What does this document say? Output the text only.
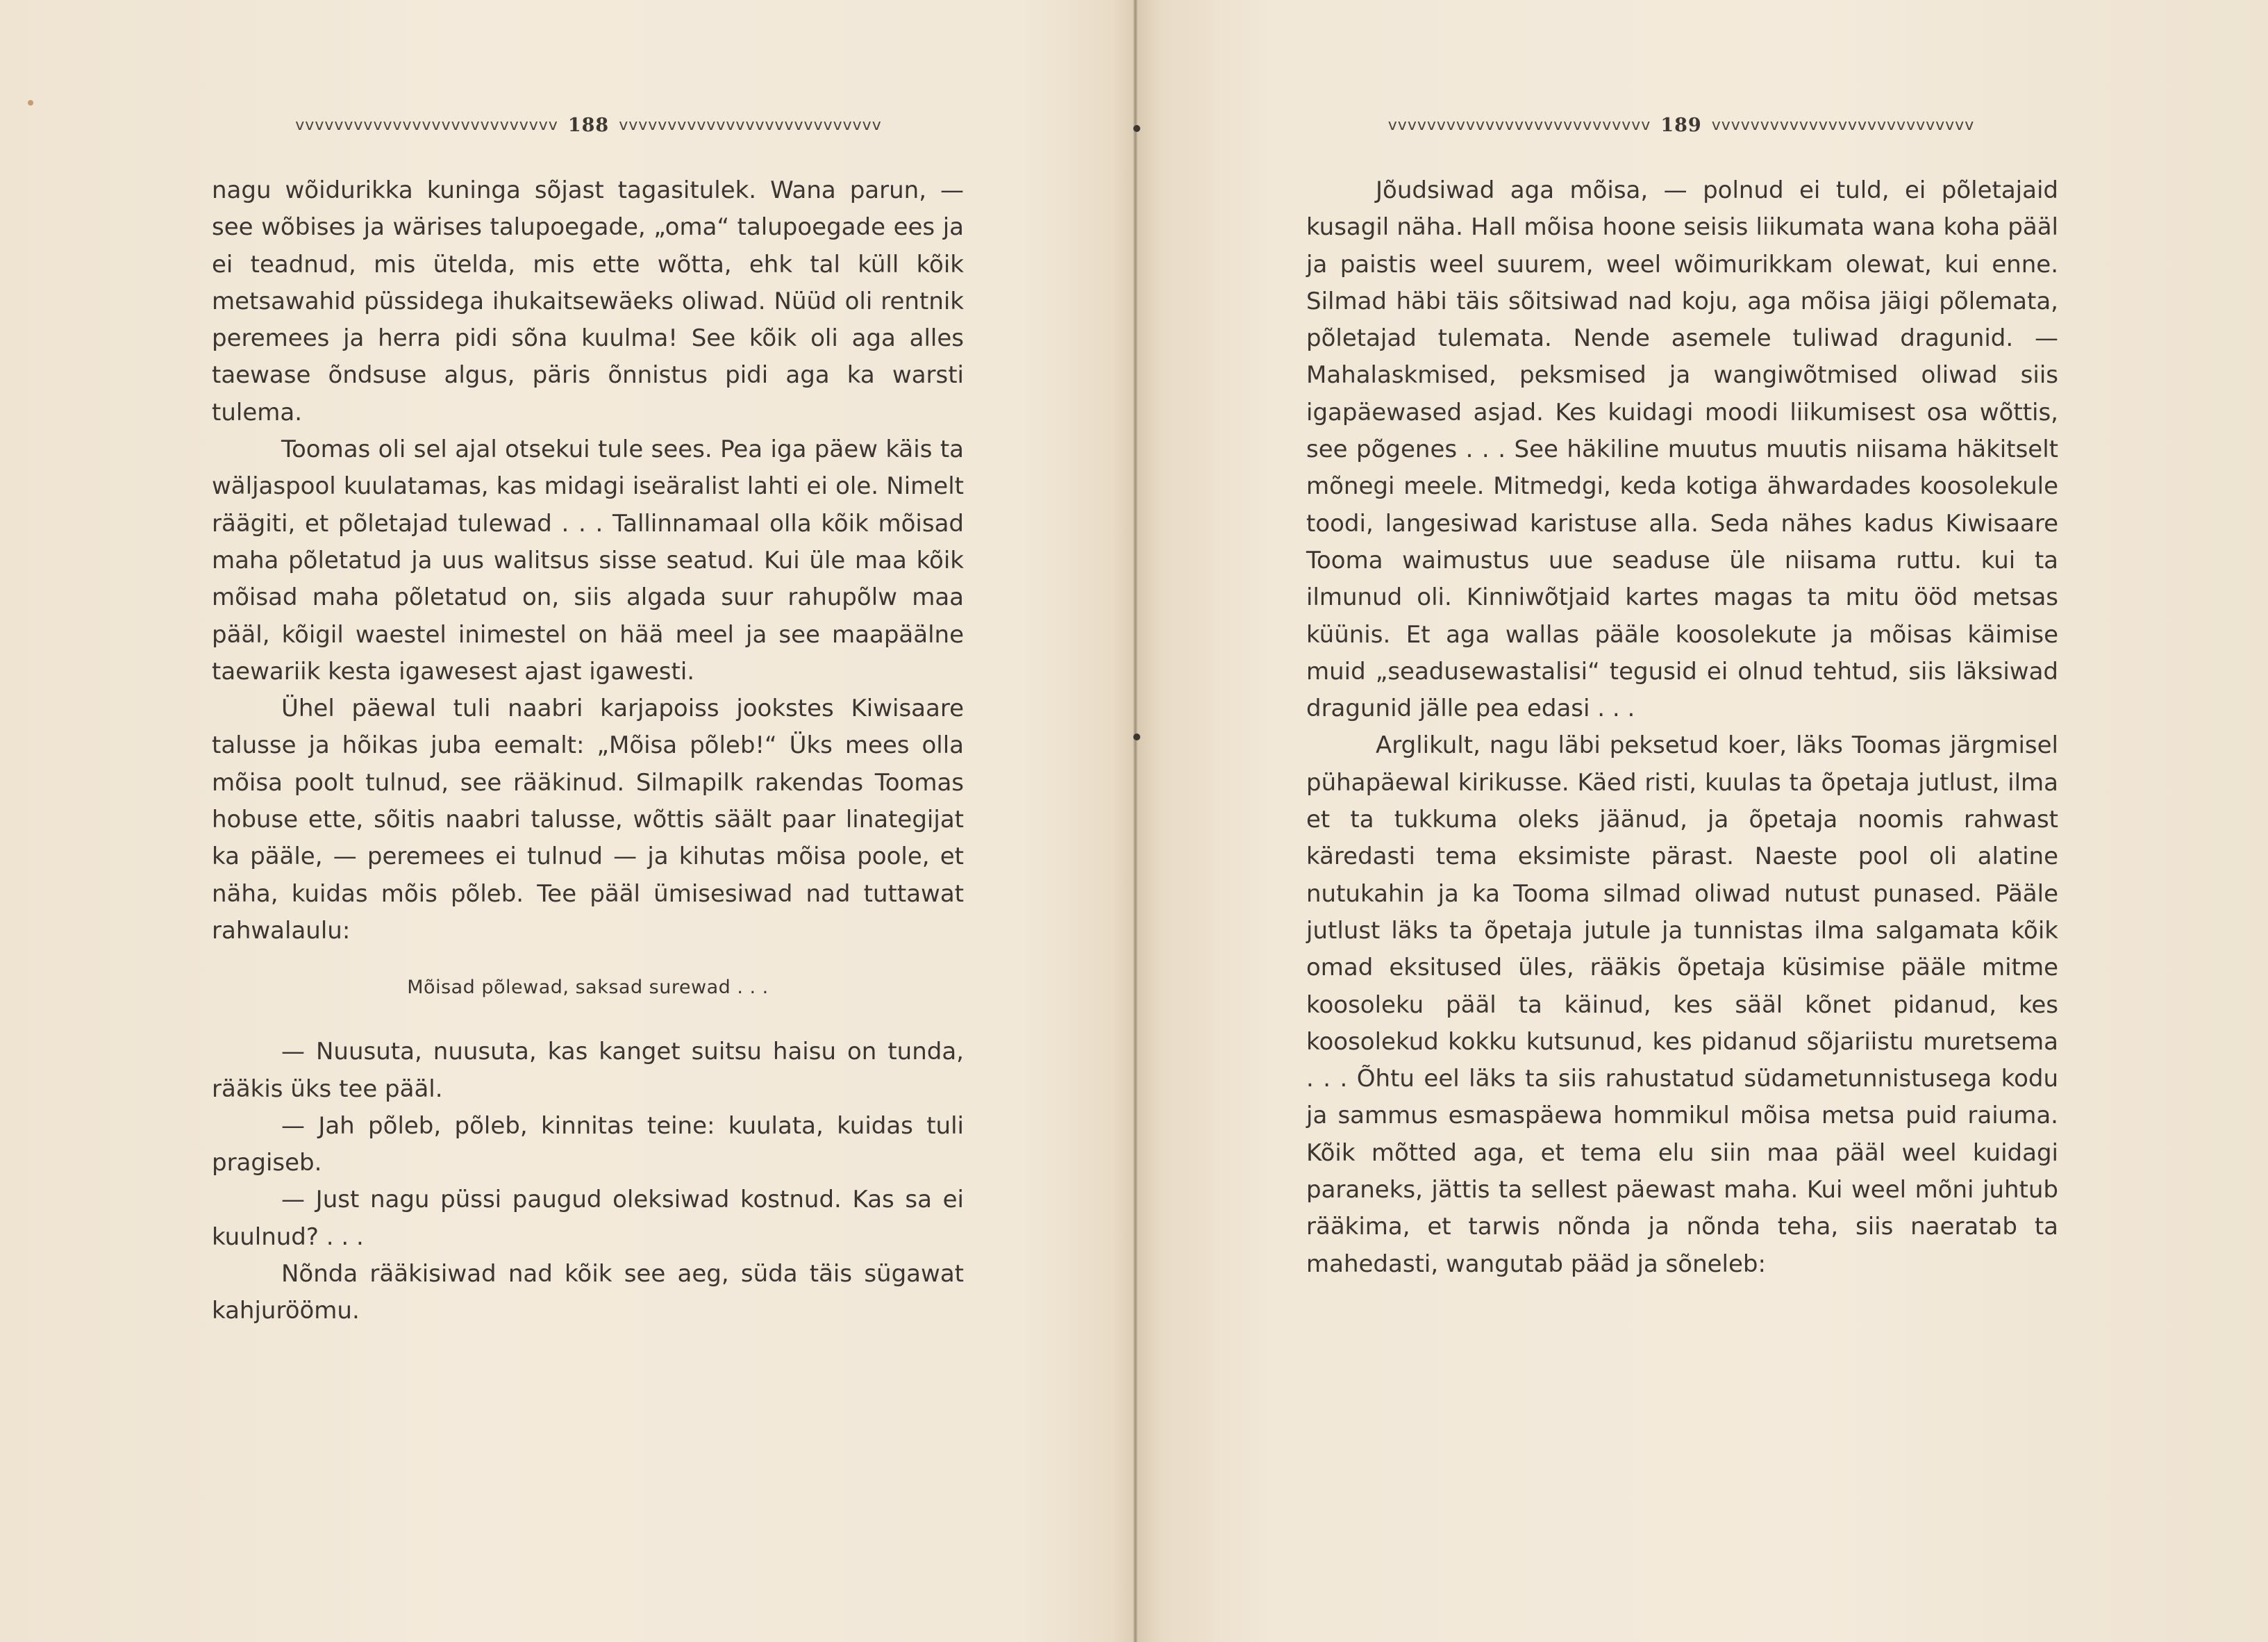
vvvvvvvvvvvvvvvvvvvvvvvvvvv 188 vvvvvvvvvvvvvvvvvvvvvvvvvvv

nagu wõidurikka kuninga sõjast tagasitulek. Wana parun, — see wõbises ja wärises talupoegade, „oma“ talupoegade ees ja ei teadnud, mis ütelda, mis ette wõtta, ehk tal küll kõik metsawahid püssidega ihukaitsewäeks oliwad. Nüüd oli rentnik peremees ja herra pidi sõna kuulma! See kõik oli aga alles taewase õndsuse algus, päris õnnistus pidi aga ka warsti tulema.

Toomas oli sel ajal otsekui tule sees. Pea iga päew käis ta wäljaspool kuulatamas, kas midagi iseäralist lahti ei ole. Nimelt räägiti, et põletajad tulewad . . . Tallinnamaal olla kõik mõisad maha põletatud ja uus walitsus sisse seatud. Kui üle maa kõik mõisad maha põletatud on, siis algada suur rahupõlw maa pääl, kõigil waestel inimestel on hää meel ja see maapäälne taewariik kesta igawesest ajast igawesti.

Ühel päewal tuli naabri karjapoiss jookstes Kiwisaare talusse ja hõikas juba eemalt: „Mõisa põleb!“ Üks mees olla mõisa poolt tulnud, see rääkinud. Silmapilk rakendas Toomas hobuse ette, sõitis naabri talusse, wõttis säält paar linategijat ka pääle, — peremees ei tulnud — ja kihutas mõisa poole, et näha, kuidas mõis põleb. Tee pääl ümisesiwad nad tuttawat rahwalaulu:

Mõisad põlewad, saksad surewad . . .

— Nuusuta, nuusuta, kas kanget suitsu haisu on tunda, rääkis üks tee pääl.

— Jah põleb, põleb, kinnitas teine: kuulata, kuidas tuli pragiseb.

— Just nagu püssi paugud oleksiwad kostnud. Kas sa ei kuulnud? . . .

Nõnda rääkisiwad nad kõik see aeg, süda täis sügawat kahjuröömu.

vvvvvvvvvvvvvvvvvvvvvvvvvvv 189 vvvvvvvvvvvvvvvvvvvvvvvvvvv

Jõudsiwad aga mõisa, — polnud ei tuld, ei põletajaid kusagil näha. Hall mõisa hoone seisis liikumata wana koha pääl ja paistis weel suurem, weel wõimurikkam olewat, kui enne. Silmad häbi täis sõitsiwad nad koju, aga mõisa jäigi põlemata, põletajad tulemata. Nende asemele tuliwad dragunid. — Mahalaskmised, peksmised ja wangiwõtmised oliwad siis igapäewased asjad. Kes kuidagi moodi liikumisest osa wõttis, see põgenes . . . See häkiline muutus muutis niisama häkitselt mõnegi meele. Mitmedgi, keda kotiga ähwardades koosolekule toodi, langesiwad karistuse alla. Seda nähes kadus Kiwisaare Tooma waimustus uue seaduse üle niisama ruttu. kui ta ilmunud oli. Kinniwõtjaid kartes magas ta mitu ööd metsas küünis. Et aga wallas pääle koosolekute ja mõisas käimise muid „seadusewastalisi“ tegusid ei olnud tehtud, siis läksiwad dragunid jälle pea edasi . . .

Arglikult, nagu läbi peksetud koer, läks Toomas järgmisel pühapäewal kirikusse. Käed risti, kuulas ta õpetaja jutlust, ilma et ta tukkuma oleks jäänud, ja õpetaja noomis rahwast käredasti tema eksimiste pärast. Naeste pool oli alatine nutukahin ja ka Tooma silmad oliwad nutust punased. Pääle jutlust läks ta õpetaja jutule ja tunnistas ilma salgamata kõik omad eksitused üles, rääkis õpetaja küsimise pääle mitme koosoleku pääl ta käinud, kes sääl kõnet pidanud, kes koosolekud kokku kutsunud, kes pidanud sõjariistu muretsema . . . Õhtu eel läks ta siis rahustatud südametunnistusega kodu ja sammus esmaspäewa hommikul mõisa metsa puid raiuma. Kõik mõtted aga, et tema elu siin maa pääl weel kuidagi paraneks, jättis ta sellest päewast maha. Kui weel mõni juhtub rääkima, et tarwis nõnda ja nõnda teha, siis naeratab ta mahedasti, wangutab pääd ja sõneleb:
